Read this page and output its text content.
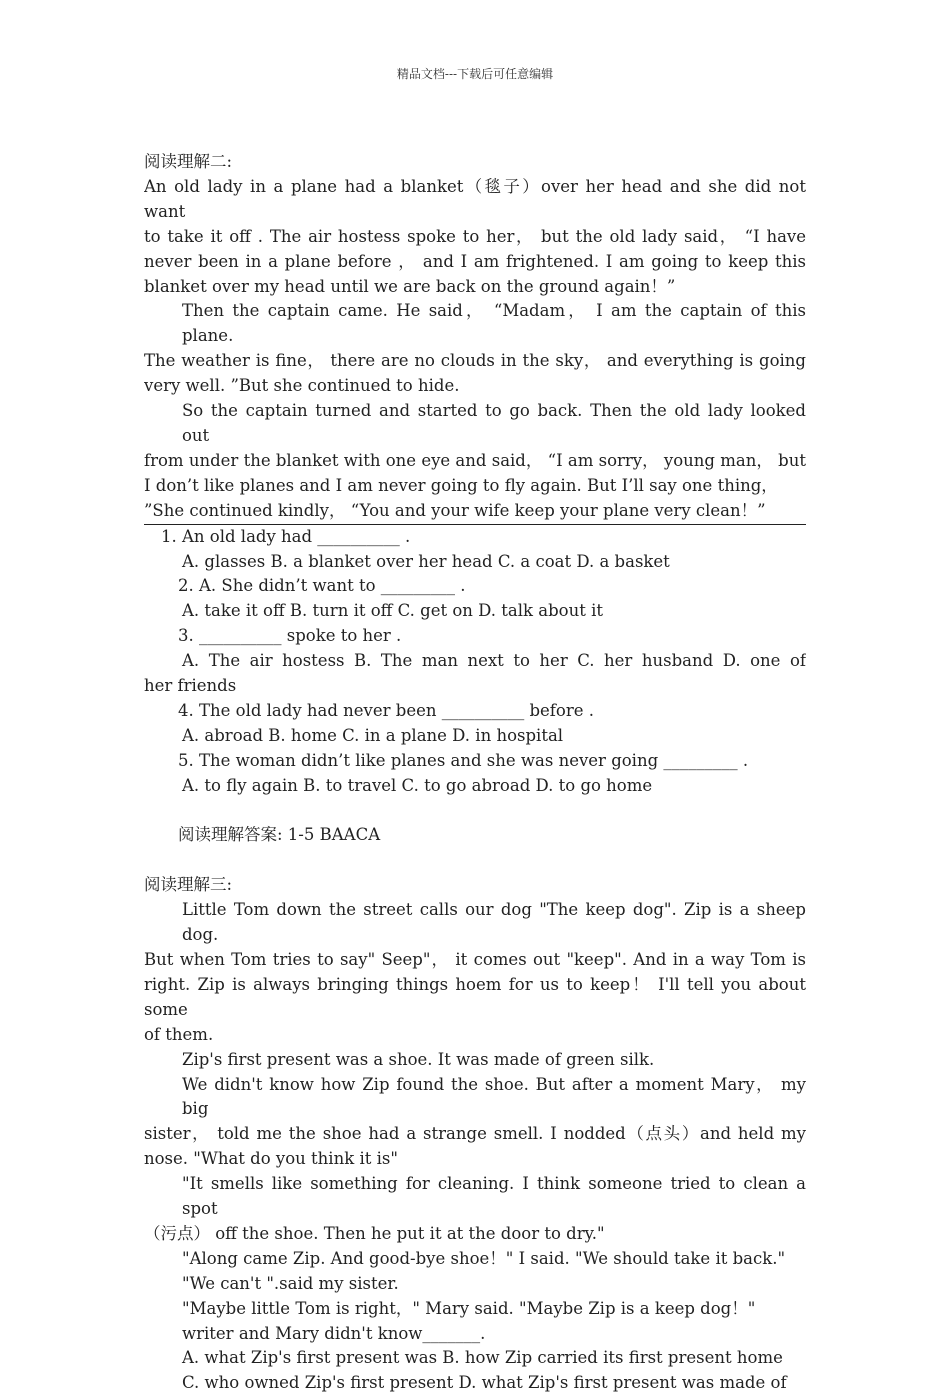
精品文档---下载后可任意编辑
阅读理解二:
An old lady in a plane had a blanket（毯子）over her head and she did not want
to take it off . The air hostess spoke to her， but the old lady said， “I have
never been in a plane before ， and I am frightened. I am going to keep this
blanket over my head until we are back on the ground again！”
Then the captain came. He said， “Madam， I am the captain of this plane.
The weather is fine， there are no clouds in the sky， and everything is going
very well. ”But she continued to hide.
So the captain turned and started to go back. Then the old lady looked out
from under the blanket with one eye and said， “I am sorry， young man， but
I don’t like planes and I am never going to fly again. But I’ll say one thing，
”She continued kindly， “You and your wife keep your plane very clean！”
1. An old lady had __________ .
A. glasses B. a blanket over her head C. a coat D. a basket
2. A. She didn’t want to _________ .
A. take it off B. turn it off C. get on D. talk about it
3. __________ spoke to her .
A. The air hostess B. The man next to her C. her husband D. one of
her friends
4. The old lady had never been __________ before .
A. abroad B. home C. in a plane D. in hospital
5. The woman didn’t like planes and she was never going _________ .
A. to fly again B. to travel C. to go abroad D. to go home
阅读理解答案: 1-5 BAACA
阅读理解三:
Little Tom down the street calls our dog "The keep dog". Zip is a sheep dog.
But when Tom tries to say" Seep"， it comes out "keep". And in a way Tom is
right. Zip is always bringing things hoem for us to keep！ I'll tell you about some
of them.
Zip's first present was a shoe. It was made of green silk.
We didn't know how Zip found the shoe. But after a moment Mary， my big
sister， told me the shoe had a strange smell. I nodded（点头）and held my
nose. "What do you think it is"
"It smells like something for cleaning. I think someone tried to clean a spot
（污点） off the shoe. Then he put it at the door to dry."
"Along came Zip. And good-bye shoe！" I said. "We should take it back."
"We can't ".said my sister.
"Maybe little Tom is right，" Mary said. "Maybe Zip is a keep dog！"
writer and Mary didn't know_______.
A. what Zip's first present was B. how Zip carried its first present home
C. who owned Zip's first present D. what Zip's first present was made of
